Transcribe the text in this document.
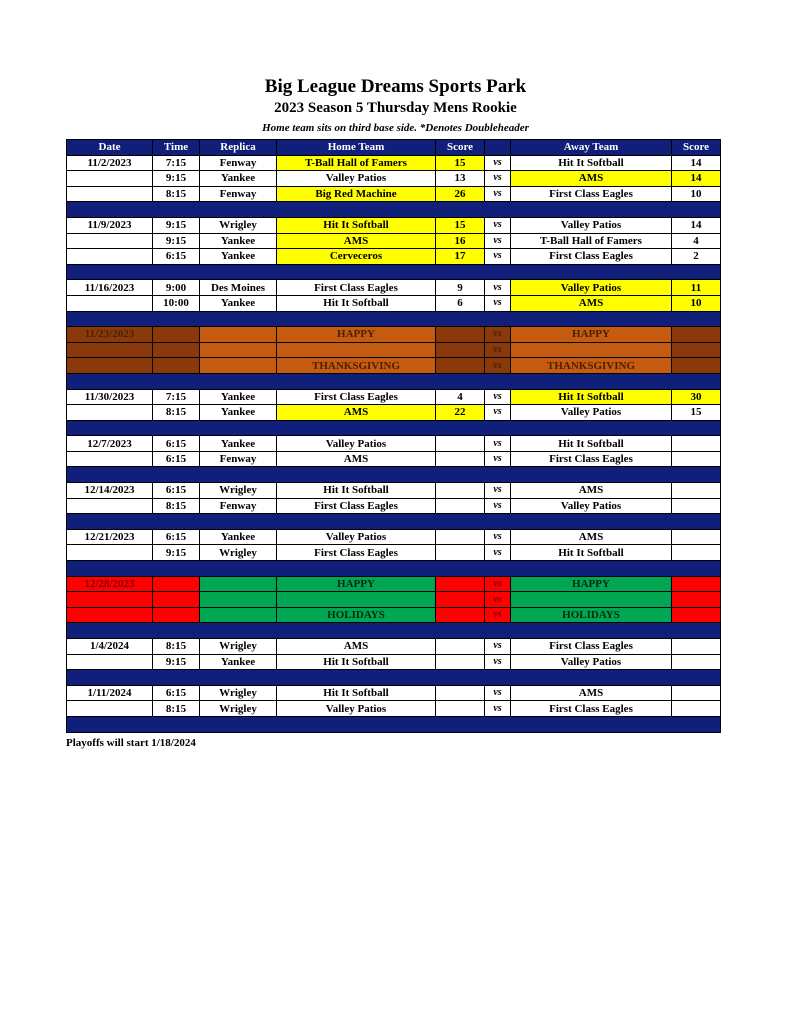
Big League Dreams Sports Park
2023 Season 5 Thursday Mens Rookie
Home team sits on third base side. *Denotes Doubleheader
Date	Time	Replica	Home Team	Score		Away Team	Score
11/2/2023	7:15	Fenway	T-Ball Hall of Famers	15	vs	Hit It Softball	14
	9:15	Yankee	Valley Patios	13	vs	AMS	14
	8:15	Fenway	Big Red Machine	26	vs	First Class Eagles	10

11/9/2023	9:15	Wrigley	Hit It Softball	15	vs	Valley Patios	14
	9:15	Yankee	AMS	16	vs	T-Ball Hall of Famers	4
	6:15	Yankee	Cerveceros	17	vs	First Class Eagles	2

11/16/2023	9:00	Des Moines	First Class Eagles	9	vs	Valley Patios	11
	10:00	Yankee	Hit It Softball	6	vs	AMS	10

11/23/2023			HAPPY		vs	HAPPY	
					vs		
			THANKSGIVING		vs	THANKSGIVING	

11/30/2023	7:15	Yankee	First Class Eagles	4	vs	Hit It Softball	30
	8:15	Yankee	AMS	22	vs	Valley Patios	15

12/7/2023	6:15	Yankee	Valley Patios		vs	Hit It Softball	
	6:15	Fenway	AMS		vs	First Class Eagles	

12/14/2023	6:15	Wrigley	Hit It Softball		vs	AMS	
	8:15	Fenway	First Class Eagles		vs	Valley Patios	

12/21/2023	6:15	Yankee	Valley Patios		vs	AMS	
	9:15	Wrigley	First Class Eagles		vs	Hit It Softball	

12/28/2023			HAPPY		vs	HAPPY	
					vs		
			HOLIDAYS		vs	HOLIDAYS	

1/4/2024	8:15	Wrigley	AMS		vs	First Class Eagles	
	9:15	Yankee	Hit It Softball		vs	Valley Patios	

1/11/2024	6:15	Wrigley	Hit It Softball		vs	AMS	
	8:15	Wrigley	Valley Patios		vs	First Class Eagles	

Playoffs will start 1/18/2024
